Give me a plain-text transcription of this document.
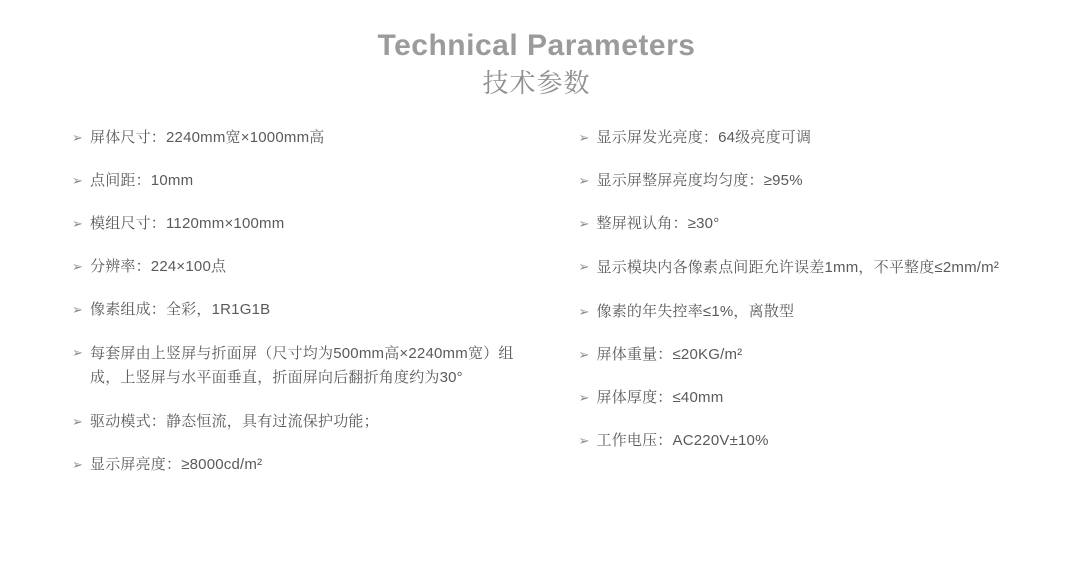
Technical Parameters
技术参数
➢ 屏体尺寸：2240mm宽×1000mm高
➢ 点间距：10mm
➢ 模组尺寸：1120mm×100mm
➢ 分辨率：224×100点
➢ 像素组成：全彩，1R1G1B
➢ 每套屏由上竖屏与折面屏（尺寸均为500mm高×2240mm宽）组成，上竖屏与水平面垂直，折面屏向后翻折角度约为30°
➢ 驱动模式：静态恒流，具有过流保护功能；
➢ 显示屏亮度：≥8000cd/m²
➢ 显示屏发光亮度：64级亮度可调
➢ 显示屏整屏亮度均匀度：≥95%
➢ 整屏视认角：≥30°
➢ 显示模块内各像素点间距允许误差1mm，不平整度≤2mm/m²
➢ 像素的年失控率≤1%，离散型
➢ 屏体重量：≤20KG/m²
➢ 屏体厚度：≤40mm
➢ 工作电压：AC220V±10%
